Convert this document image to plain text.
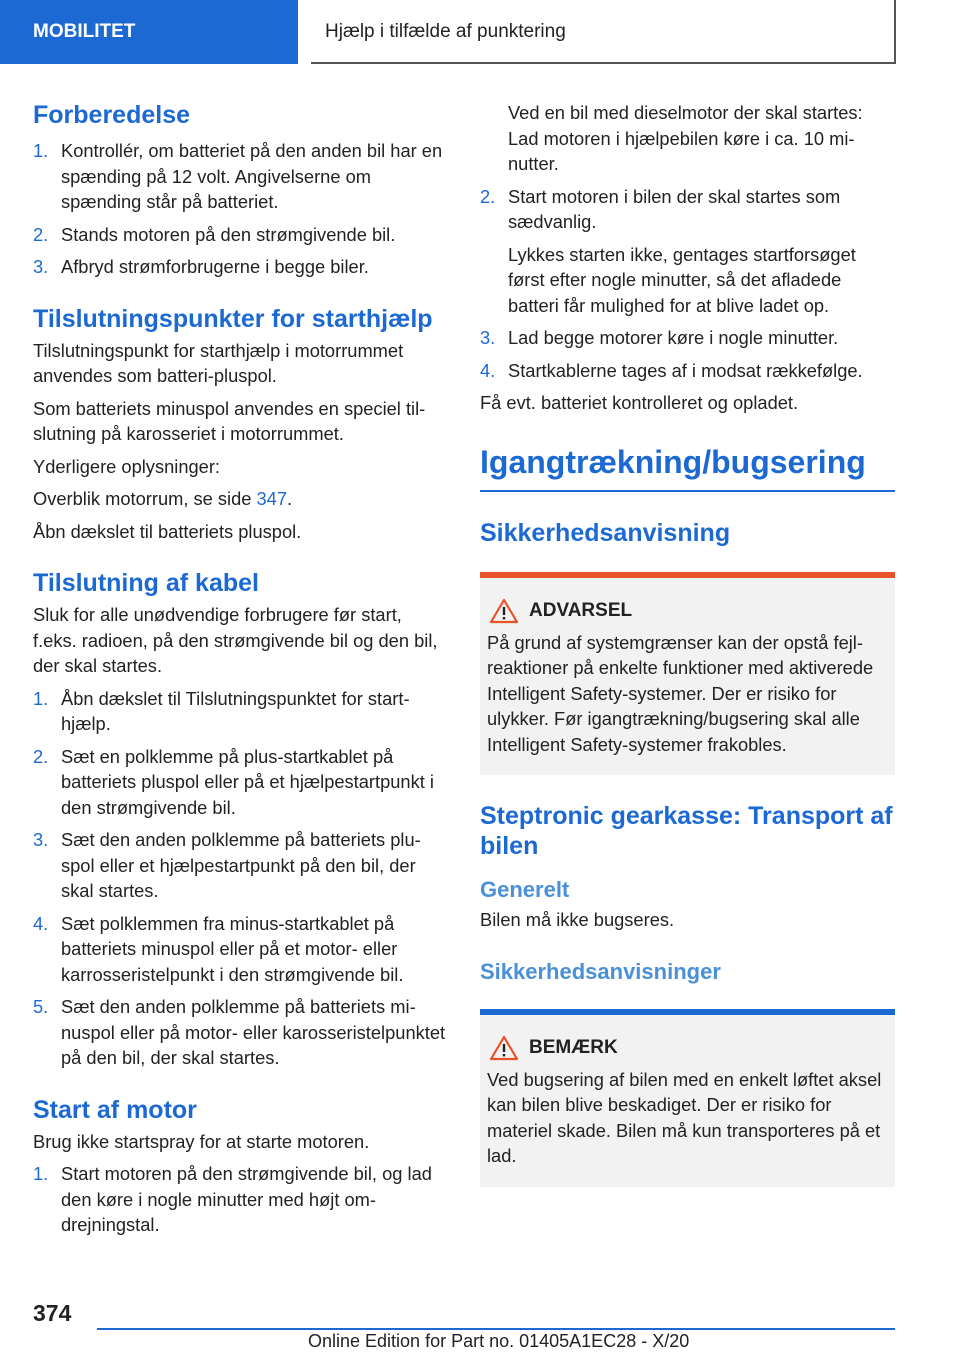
MOBILITET	Hjælp i tilfælde af punktering
Forberedelse
1. Kontrollér, om batteriet på den anden bil har en spænding på 12 volt. Angivelserne om spænding står på batteriet.
2. Stands motoren på den strømgivende bil.
3. Afbryd strømforbrugerne i begge biler.
Tilslutningspunkter for starthjælp

Tilslutningspunkt for starthjælp i motorrummet anvendes som batteri-pluspol.

Som batteriets minuspol anvendes en speciel tilslutning på karosseriet i motorrummet.

Yderligere oplysninger:

Overblik motorrum, se side 347.

Åbn dækslet til batteriets pluspol.

Tilslutning af kabel

Sluk for alle unødvendige forbrugere før start, f.eks. radioen, på den strømgivende bil og den bil, der skal startes.

1. Åbn dækslet til Tilslutningspunktet for starthjælp.
2. Sæt en polklemme på plus-startkablet på batteriets pluspol eller på et hjælpestartpunkt i den strømgivende bil.
3. Sæt den anden polklemme på batteriets pluspol eller et hjælpestartpunkt på den bil, der skal startes.
4. Sæt polklemmen fra minus-startkablet på batteriets minuspol eller på et motor- eller karrosseristelpunkt i den strømgivende bil.
5. Sæt den anden polklemme på batteriets minuspol eller på motor- eller karosseristelpunktet på den bil, der skal startes.
Start af motor

Brug ikke startspray for at starte motoren.

1. Start motoren på den strømgivende bil, og lad den køre i nogle minutter med højt omdrejningstal.

Ved en bil med dieselmotor der skal startes: Lad motoren i hjælpebilen køre i ca. 10 minutter.

2. Start motoren i bilen der skal startes som sædvanlig.
Lykkes starten ikke, gentages startforsøget først efter nogle minutter, så det afladede batteri får mulighed for at blive ladet op.
3. Lad begge motorer køre i nogle minutter.
4. Startkablerne tages af i modsat rækkefølge.

Få evt. batteriet kontrolleret og opladet.

Igangtrækning/bugsering
Sikkerhedsanvisning
ADVARSEL

På grund af systemgrænser kan der opstå fejlreaktioner på enkelte funktioner med aktiverede Intelligent Safety-systemer. Der er risiko for ulykker. Før igangtrækning/bugsering skal alle Intelligent Safety-systemer frakobles.

Steptronic gearkasse: Transport af bilen
Generelt

Bilen må ikke bugseres.

Sikkerhedsanvisninger
BEMÆRK

Ved bugsering af bilen med en enkelt løftet aksel kan bilen blive beskadiget. Der er risiko for materiel skade. Bilen må kun transporteres på et lad.

374
Online Edition for Part no. 01405A1EC28 - X/20
